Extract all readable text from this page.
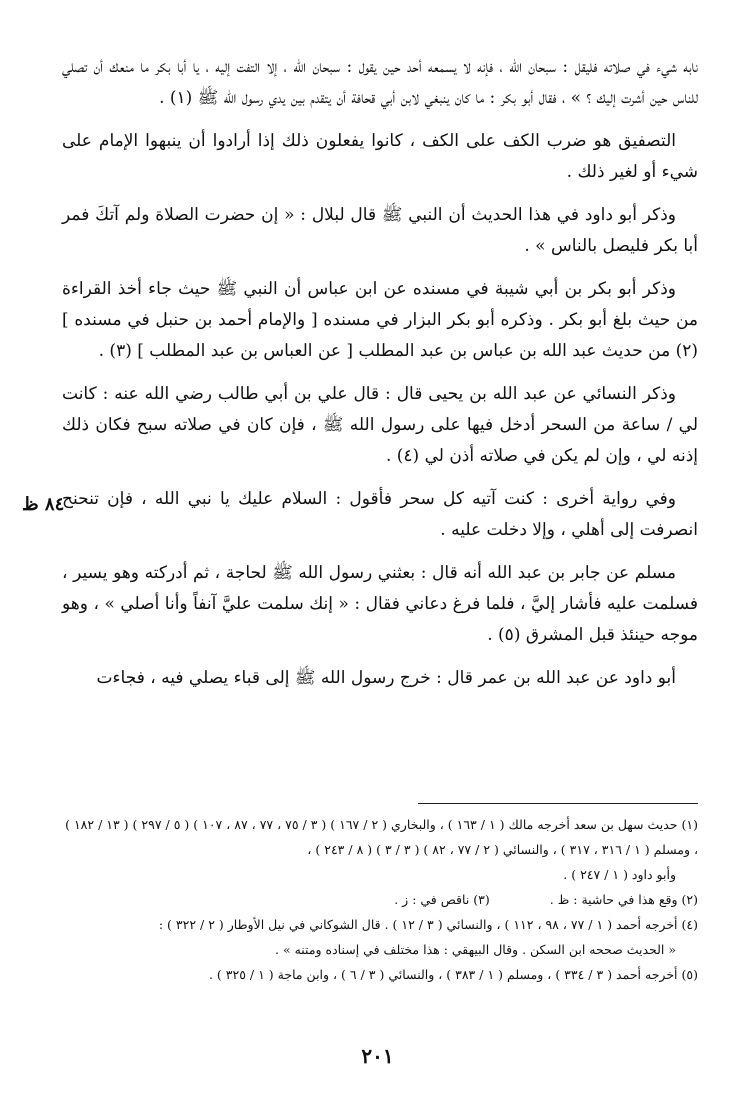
نابه شيء في صلاته فليقل : سبحان الله ، فإنه لا يسمعه أحد حين يقول : سبحان الله ، إلا التفت إليه ، يا أبا بكر ما منعك أن تصلي للناس حين أشرت إليك ؟ » ، فقال أبو بكر : ما كان ينبغي لابن أبي قحافة أن يتقدم بين يدي رسول الله ﷺ (١) .

التصفيق هو ضرب الكف على الكف ، كانوا يفعلون ذلك إذا أرادوا أن ينبهوا الإمام على شيء أو لغير ذلك .

وذكر أبو داود في هذا الحديث أن النبي ﷺ قال لبلال : « إن حضرت الصلاة ولم آتكَ فمر أبا بكر فليصل بالناس » .

وذكر أبو بكر بن أبي شيبة في مسنده عن ابن عباس أن النبي ﷺ حيث جاء أخذ القراءة من حيث بلغ أبو بكر . وذكره أبو بكر البزار في مسنده [ والإمام أحمد بن حنبل في مسنده ] (٢) من حديث عبد الله بن عباس بن عبد المطلب [ عن العباس بن عبد المطلب ] (٣) .

وذكر النسائي عن عبد الله بن يحيى قال : قال علي بن أبي طالب رضي الله عنه : كانت لي / ساعة من السحر أدخل فيها على رسول الله ﷺ ، فإن كان في صلاته سبح فكان ذلك إذنه لي ، وإن لم يكن في صلاته أذن لي (٤) .

وفي رواية أخرى : كنت آتيه كل سحر فأقول : السلام عليك يا نبي الله ، فإن تنحنح انصرفت إلى أهلي ، وإلا دخلت عليه .

مسلم عن جابر بن عبد الله أنه قال : بعثني رسول الله ﷺ لحاجة ، ثم أدركته وهو يسير ، فسلمت عليه فأشار إليَّ ، فلما فرغ دعاني فقال : « إنك سلمت عليَّ آنفاً وأنا أصلي » ، وهو موجه حينئذ قبل المشرق (٥) .

أبو داود عن عبد الله بن عمر قال : خرج رسول الله ﷺ إلى قباء يصلي فيه ، فجاءت

٨٤ ظ

(١) حديث سهل بن سعد أخرجه مالك ( ١ / ١٦٣ ) ، والبخاري ( ٢ / ١٦٧ ) ( ٣ / ٧٥ ، ٧٧ ، ٨٧ ، ١٠٧ ) ( ٥ / ٢٩٧ ) ( ١٣ / ١٨٢ ) ، ومسلم ( ١ / ٣١٦ ، ٣١٧ ) ، والنسائي ( ٢ / ٧٧ ، ٨٢ ) ( ٣ / ٣ ) ( ٨ / ٢٤٣ ) ،

وأبو داود ( ١ / ٢٤٧ ) .

(٢) وقع هذا في حاشية : ظ .
(٣) ناقص في : ز .

(٤) أخرجه أحمد ( ١ / ٧٧ ، ٩٨ ، ١١٢ ) ، والنسائي ( ٣ / ١٢ ) . قال الشوكاني في نيل الأوطار ( ٢ / ٣٢٢ ) :

« الحديث صححه ابن السكن . وقال البيهقي : هذا مختلف في إسناده ومتنه » .

(٥) أخرجه أحمد ( ٣ / ٣٣٤ ) ، ومسلم ( ١ / ٣٨٣ ) ، والنسائي ( ٣ / ٦ ) ، وابن ماجة ( ١ / ٣٢٥ ) .

٢٠١
